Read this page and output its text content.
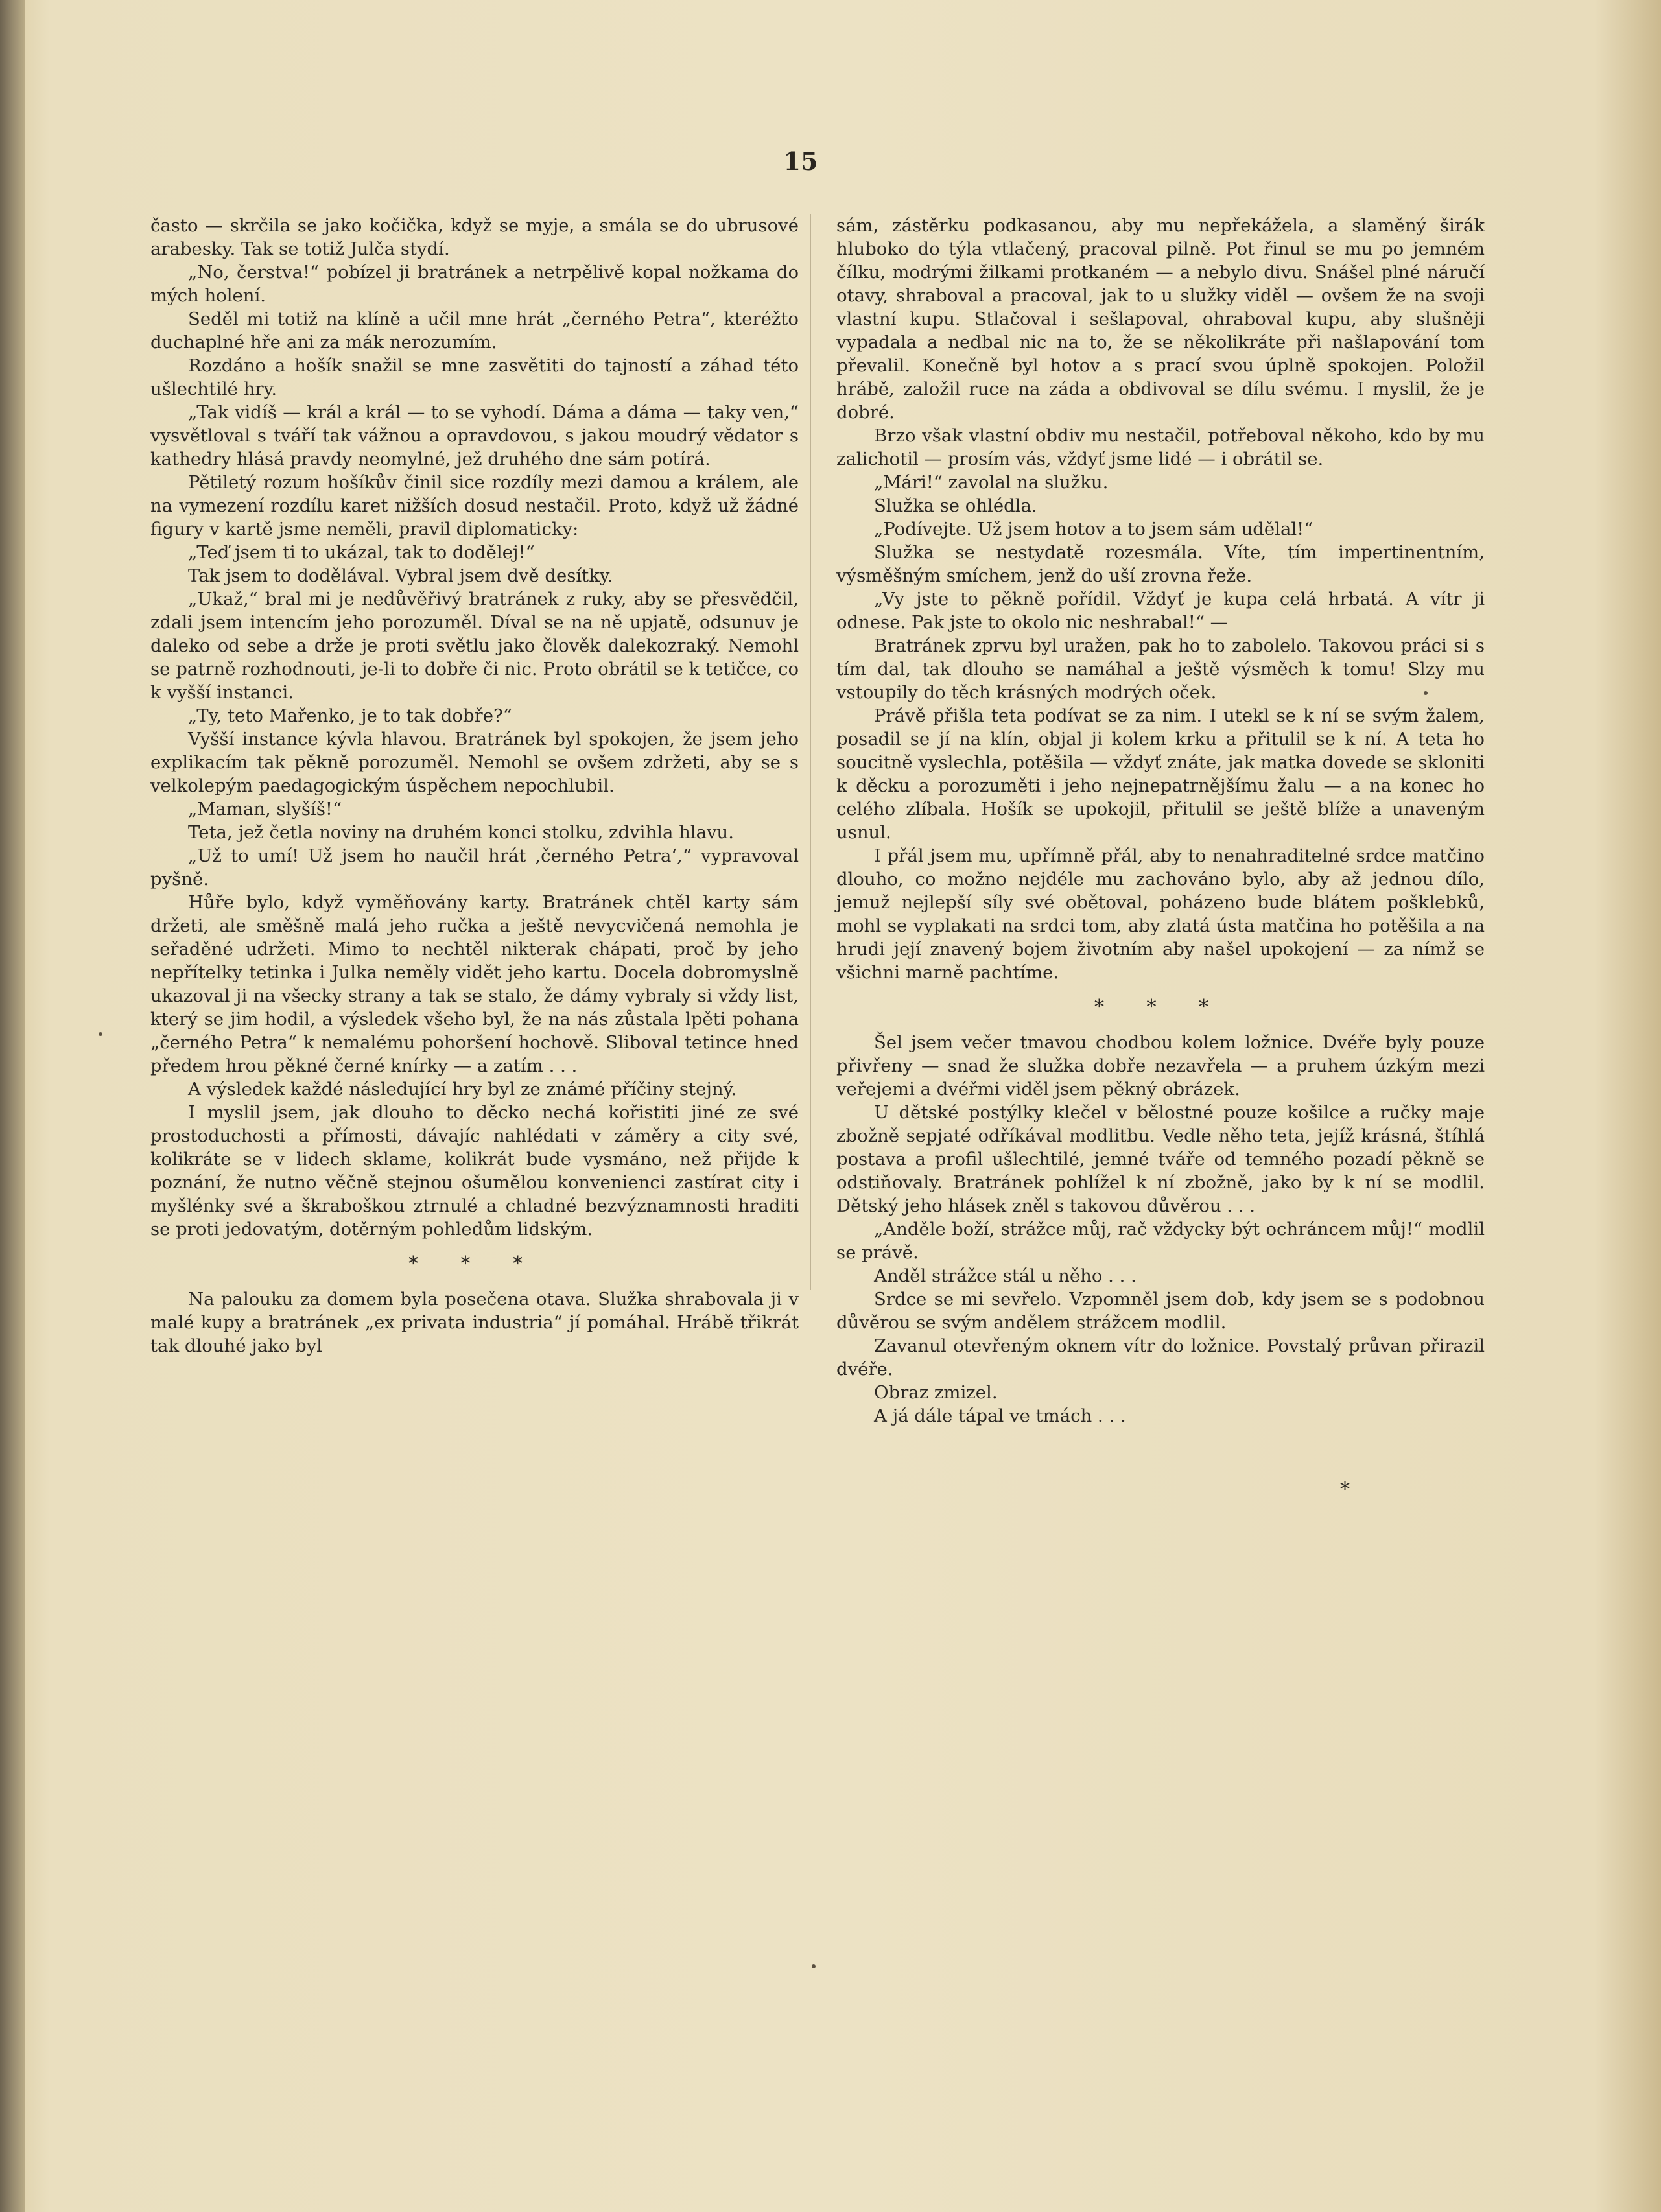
15

často — skrčila se jako kočička, když se myje, a smála se do ubrusové arabesky. Tak se totiž Julča stydí.

„No, čerstva!“ pobízel ji bratránek a netrpělivě kopal nožkama do mých holení.

Seděl mi totiž na klíně a učil mne hrát „černého Petra“, kteréžto duchaplné hře ani za mák nerozumím.

Rozdáno a hošík snažil se mne zasvětiti do tajností a záhad této ušlechtilé hry.

„Tak vidíš — král a král — to se vyhodí. Dáma a dáma — taky ven,“ vysvětloval s tváří tak vážnou a opravdovou, s jakou moudrý vědator s kathedry hlásá pravdy neomylné, jež druhého dne sám potírá.

Pětiletý rozum hošíkův činil sice rozdíly mezi damou a králem, ale na vymezení rozdílu karet nižších dosud nestačil. Proto, když už žádné figury v kartě jsme neměli, pravil diplomaticky:

„Teď jsem ti to ukázal, tak to dodělej!“

Tak jsem to dodělával. Vybral jsem dvě desítky.

„Ukaž,“ bral mi je nedůvěřivý bratránek z ruky, aby se přesvědčil, zdali jsem intencím jeho porozuměl. Díval se na ně upjatě, odsunuv je daleko od sebe a drže je proti světlu jako člověk dalekozraký. Nemohl se patrně rozhodnouti, je-li to dobře či nic. Proto obrátil se k tetičce, co k vyšší instanci.

„Ty, teto Mařenko, je to tak dobře?“

Vyšší instance kývla hlavou. Bratránek byl spokojen, že jsem jeho explikacím tak pěkně porozuměl. Nemohl se ovšem zdržeti, aby se s velkolepým paedagogickým úspěchem nepochlubil.

„Maman, slyšíš!“

Teta, jež četla noviny na druhém konci stolku, zdvihla hlavu.

„Už to umí! Už jsem ho naučil hrát ‚černého Petra‘,“ vypravoval pyšně.

Hůře bylo, když vyměňovány karty. Bratránek chtěl karty sám držeti, ale směšně malá jeho ručka a ještě nevycvičená nemohla je seřaděné udržeti. Mimo to nechtěl nikterak chápati, proč by jeho nepřítelky tetinka i Julka neměly vidět jeho kartu. Docela dobromyslně ukazoval ji na všecky strany a tak se stalo, že dámy vybraly si vždy list, který se jim hodil, a výsledek všeho byl, že na nás zůstala lpěti pohana „černého Petra“ k nemalému pohoršení hochově. Sliboval tetince hned předem hrou pěkné černé knírky — a zatím . . .

A výsledek každé následující hry byl ze známé příčiny stejný.

I myslil jsem, jak dlouho to děcko nechá kořistiti jiné ze své prostoduchosti a přímosti, dávajíc nahlédati v záměry a city své, kolikráte se v lidech sklame, kolikrát bude vysmáno, než přijde k poznání, že nutno věčně stejnou ošumělou konvenienci zastírat city i myšlénky své a škraboškou ztrnulé a chladné bezvýznamnosti hraditi se proti jedovatým, dotěrným pohledům lidským.

* * *

Na palouku za domem byla posečena otava. Služka shrabovala ji v malé kupy a bratránek „ex privata industria“ jí pomáhal. Hrábě třikrát tak dlouhé jako byl

sám, zástěrku podkasanou, aby mu nepřekážela, a slaměný širák hluboko do týla vtlačený, pracoval pilně. Pot řinul se mu po jemném čílku, modrými žilkami protkaném — a nebylo divu. Snášel plné náručí otavy, shraboval a pracoval, jak to u služky viděl — ovšem že na svoji vlastní kupu. Stlačoval i sešlapoval, ohraboval kupu, aby slušněji vypadala a nedbal nic na to, že se několikráte při našlapování tom převalil. Konečně byl hotov a s prací svou úplně spokojen. Položil hrábě, založil ruce na záda a obdivoval se dílu svému. I myslil, že je dobré.

Brzo však vlastní obdiv mu nestačil, potřeboval někoho, kdo by mu zalichotil — prosím vás, vždyť jsme lidé — i obrátil se.

„Mári!“ zavolal na služku.

Služka se ohlédla.

„Podívejte. Už jsem hotov a to jsem sám udělal!“

Služka se nestydatě rozesmála. Víte, tím impertinentním, výsměšným smíchem, jenž do uší zrovna řeže.

„Vy jste to pěkně pořídil. Vždyť je kupa celá hrbatá. A vítr ji odnese. Pak jste to okolo nic neshrabal!“ —

Bratránek zprvu byl uražen, pak ho to zabolelo. Takovou práci si s tím dal, tak dlouho se namáhal a ještě výsměch k tomu! Slzy mu vstoupily do těch krásných modrých oček.

Právě přišla teta podívat se za nim. I utekl se k ní se svým žalem, posadil se jí na klín, objal ji kolem krku a přitulil se k ní. A teta ho soucitně vyslechla, potěšila — vždyť znáte, jak matka dovede se skloniti k děcku a porozuměti i jeho nejnepatrnějšímu žalu — a na konec ho celého zlíbala. Hošík se upokojil, přitulil se ještě blíže a unaveným usnul.

I přál jsem mu, upřímně přál, aby to nenahraditelné srdce matčino dlouho, co možno nejdéle mu zachováno bylo, aby až jednou dílo, jemuž nejlepší síly své obětoval, poházeno bude blátem pošklebků, mohl se vyplakati na srdci tom, aby zlatá ústa matčina ho potěšila a na hrudi její znavený bojem životním aby našel upokojení — za nímž se všichni marně pachtíme.

* * *

Šel jsem večer tmavou chodbou kolem ložnice. Dvéře byly pouze přivřeny — snad že služka dobře nezavřela — a pruhem úzkým mezi veřejemi a dvéřmi viděl jsem pěkný obrázek.

U dětské postýlky klečel v bělostné pouze košilce a ručky maje zbožně sepjaté odříkával modlitbu. Vedle něho teta, jejíž krásná, štíhlá postava a profil ušlechtilé, jemné tváře od temného pozadí pěkně se odstiňovaly. Bratránek pohlížel k ní zbožně, jako by k ní se modlil. Dětský jeho hlásek zněl s takovou důvěrou . . .

„Anděle boží, strážce můj, rač vždycky být ochráncem můj!“ modlil se právě.

Anděl strážce stál u něho . . .

Srdce se mi sevřelo. Vzpomněl jsem dob, kdy jsem se s podobnou důvěrou se svým andělem strážcem modlil.

Zavanul otevřeným oknem vítr do ložnice. Povstalý průvan přirazil dvéře.

Obraz zmizel.

A já dále tápal ve tmách . . .

*
